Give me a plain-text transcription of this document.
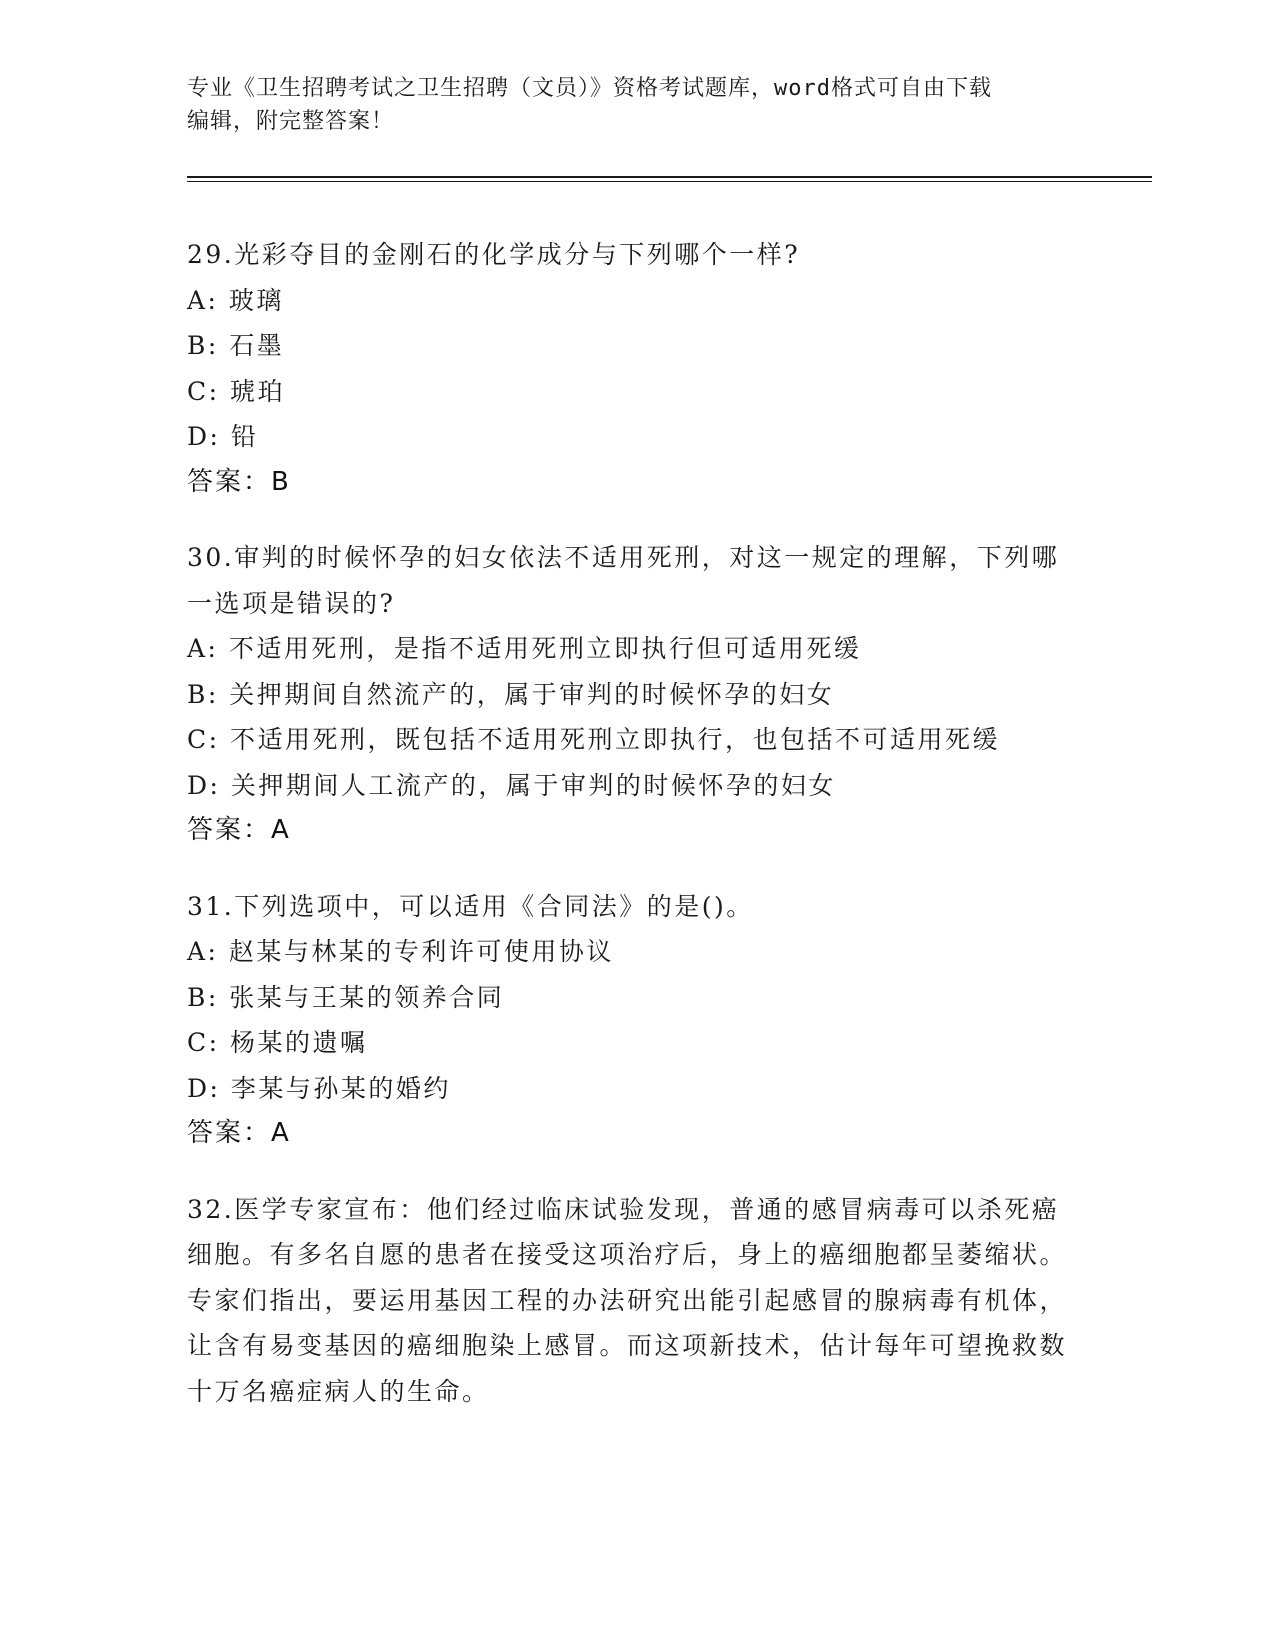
专业《卫生招聘考试之卫生招聘（文员）》资格考试题库，word格式可自由下载
编辑，附完整答案！
29.光彩夺目的金刚石的化学成分与下列哪个一样?
A: 玻璃
B: 石墨
C: 琥珀
D: 铅
答案：B
30.审判的时候怀孕的妇女依法不适用死刑，对这一规定的理解，下列哪一选项是错误的?
A: 不适用死刑，是指不适用死刑立即执行但可适用死缓
B: 关押期间自然流产的，属于审判的时候怀孕的妇女
C: 不适用死刑，既包括不适用死刑立即执行，也包括不可适用死缓
D: 关押期间人工流产的，属于审判的时候怀孕的妇女
答案：A
31.下列选项中，可以适用《合同法》的是()。
A: 赵某与林某的专利许可使用协议
B: 张某与王某的领养合同
C: 杨某的遗嘱
D: 李某与孙某的婚约
答案：A
32.医学专家宣布：他们经过临床试验发现，普通的感冒病毒可以杀死癌细胞。有多名自愿的患者在接受这项治疗后，身上的癌细胞都呈萎缩状。专家们指出，要运用基因工程的办法研究出能引起感冒的腺病毒有机体，让含有易变基因的癌细胞染上感冒。而这项新技术，估计每年可望挽救数十万名癌症病人的生命。
